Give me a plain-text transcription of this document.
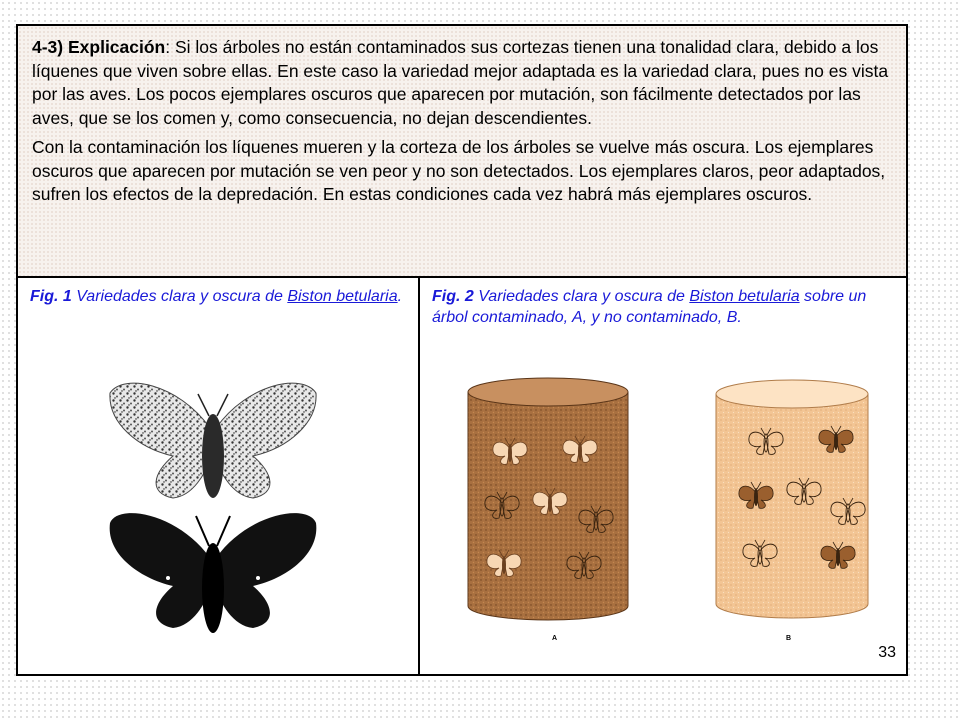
4-3) Explicación: Si los árboles no están contaminados sus cortezas tienen una tonalidad clara, debido a los líquenes que viven sobre ellas. En este caso la variedad mejor adaptada es la variedad clara, pues no es vista por las aves. Los pocos ejemplares oscuros que aparecen por mutación, son fácilmente detectados por las aves, que se los comen y, como consecuencia, no dejan descendientes.

Con la contaminación los líquenes mueren y la corteza de los árboles se vuelve más oscura. Los ejemplares oscuros que aparecen por mutación se ven peor y no son detectados. Los ejemplares claros, peor adaptados, sufren los efectos de la depredación. En estas condiciones cada vez habrá más ejemplares oscuros.

Fig. 1 Variedades clara y oscura de Biston betularia.	Fig. 2 Variedades clara y oscura de Biston betularia sobre un árbol contaminado, A, y no contaminado, B.
A	B
33
